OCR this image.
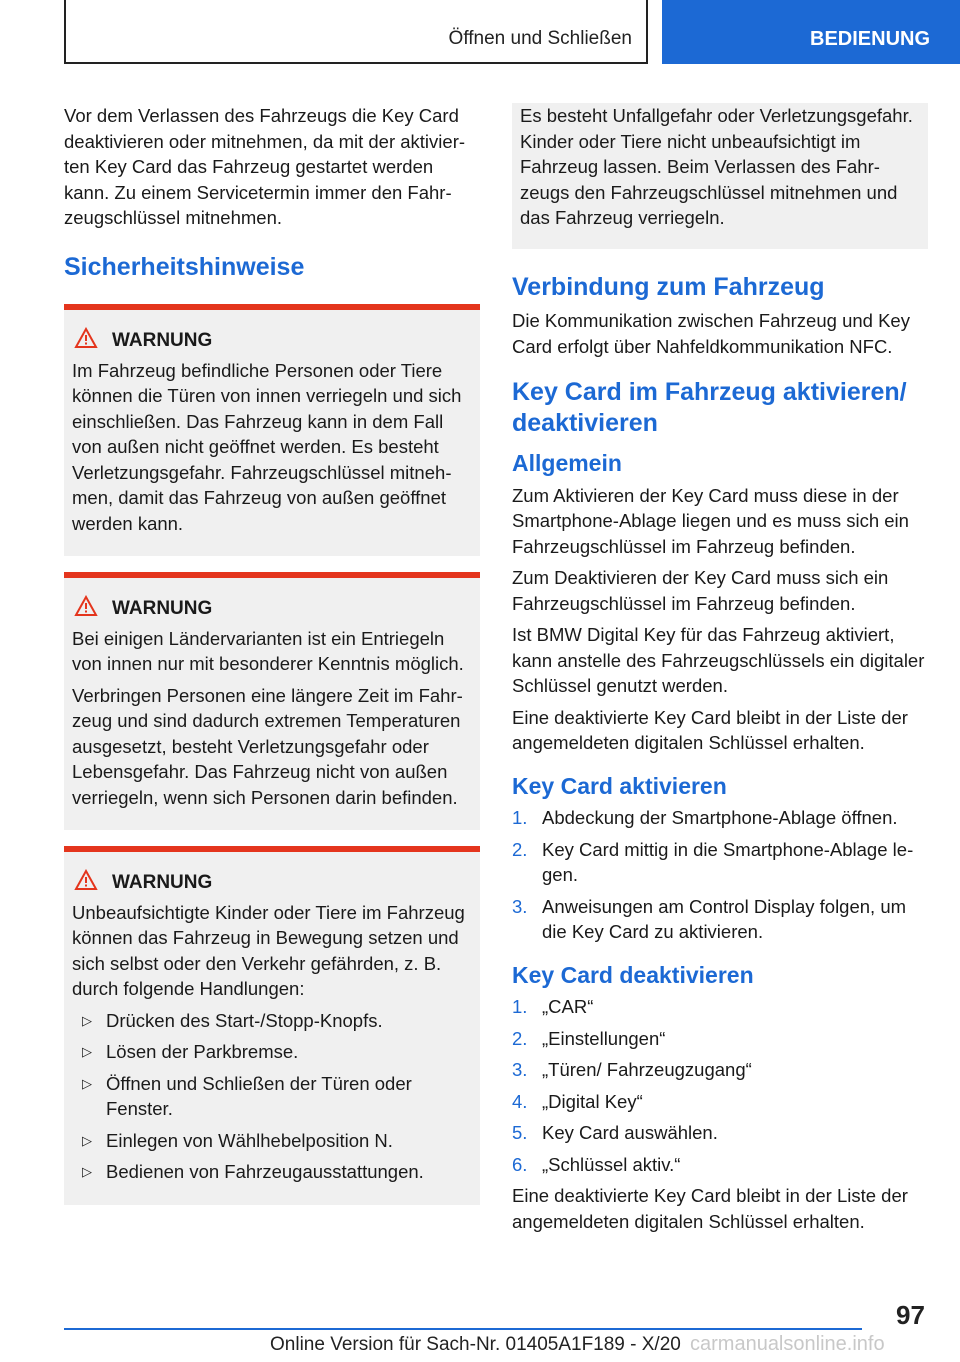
Öffnen und Schließen	BEDIENUNG

Vor dem Verlassen des Fahrzeugs die Key Card deaktivieren oder mitnehmen, da mit der aktivierten Key Card das Fahrzeug gestartet werden kann. Zu einem Servicetermin immer den Fahrzeugschlüssel mitnehmen.

Sicherheitshinweise
WARNUNG

Im Fahrzeug befindliche Personen oder Tiere können die Türen von innen verriegeln und sich einschließen. Das Fahrzeug kann in dem Fall von außen nicht geöffnet werden. Es besteht Verletzungsgefahr. Fahrzeugschlüssel mitnehmen, damit das Fahrzeug von außen geöffnet werden kann.

WARNUNG

Bei einigen Ländervarianten ist ein Entriegeln von innen nur mit besonderer Kenntnis möglich.

Verbringen Personen eine längere Zeit im Fahrzeug und sind dadurch extremen Temperaturen ausgesetzt, besteht Verletzungsgefahr oder Lebensgefahr. Das Fahrzeug nicht von außen verriegeln, wenn sich Personen darin befinden.

WARNUNG

Unbeaufsichtigte Kinder oder Tiere im Fahrzeug können das Fahrzeug in Bewegung setzen und sich selbst oder den Verkehr gefährden, z. B. durch folgende Handlungen:

▷ Drücken des Start-/Stopp-Knopfs.
▷ Lösen der Parkbremse.
▷ Öffnen und Schließen der Türen oder Fenster.
▷ Einlegen von Wählhebelposition N.
▷ Bedienen von Fahrzeugausstattungen.

Es besteht Unfallgefahr oder Verletzungsgefahr. Kinder oder Tiere nicht unbeaufsichtigt im Fahrzeug lassen. Beim Verlassen des Fahrzeugs den Fahrzeugschlüssel mitnehmen und das Fahrzeug verriegeln.

Verbindung zum Fahrzeug

Die Kommunikation zwischen Fahrzeug und Key Card erfolgt über Nahfeldkommunikation NFC.

Key Card im Fahrzeug aktivieren/ deaktivieren
Allgemein

Zum Aktivieren der Key Card muss diese in der Smartphone-Ablage liegen und es muss sich ein Fahrzeugschlüssel im Fahrzeug befinden.

Zum Deaktivieren der Key Card muss sich ein Fahrzeugschlüssel im Fahrzeug befinden.

Ist BMW Digital Key für das Fahrzeug aktiviert, kann anstelle des Fahrzeugschlüssels ein digitaler Schlüssel genutzt werden.

Eine deaktivierte Key Card bleibt in der Liste der angemeldeten digitalen Schlüssel erhalten.

Key Card aktivieren
1. Abdeckung der Smartphone-Ablage öffnen.
2. Key Card mittig in die Smartphone-Ablage legen.
3. Anweisungen am Control Display folgen, um die Key Card zu aktivieren.
Key Card deaktivieren
1. „CAR“
2. „Einstellungen“
3. „Türen/ Fahrzeugzugang“
4. „Digital Key“
5. Key Card auswählen.
6. „Schlüssel aktiv.“

Eine deaktivierte Key Card bleibt in der Liste der angemeldeten digitalen Schlüssel erhalten.

97
Online Version für Sach-Nr. 01405A1F189 - X/20 carmanualsonline.info
